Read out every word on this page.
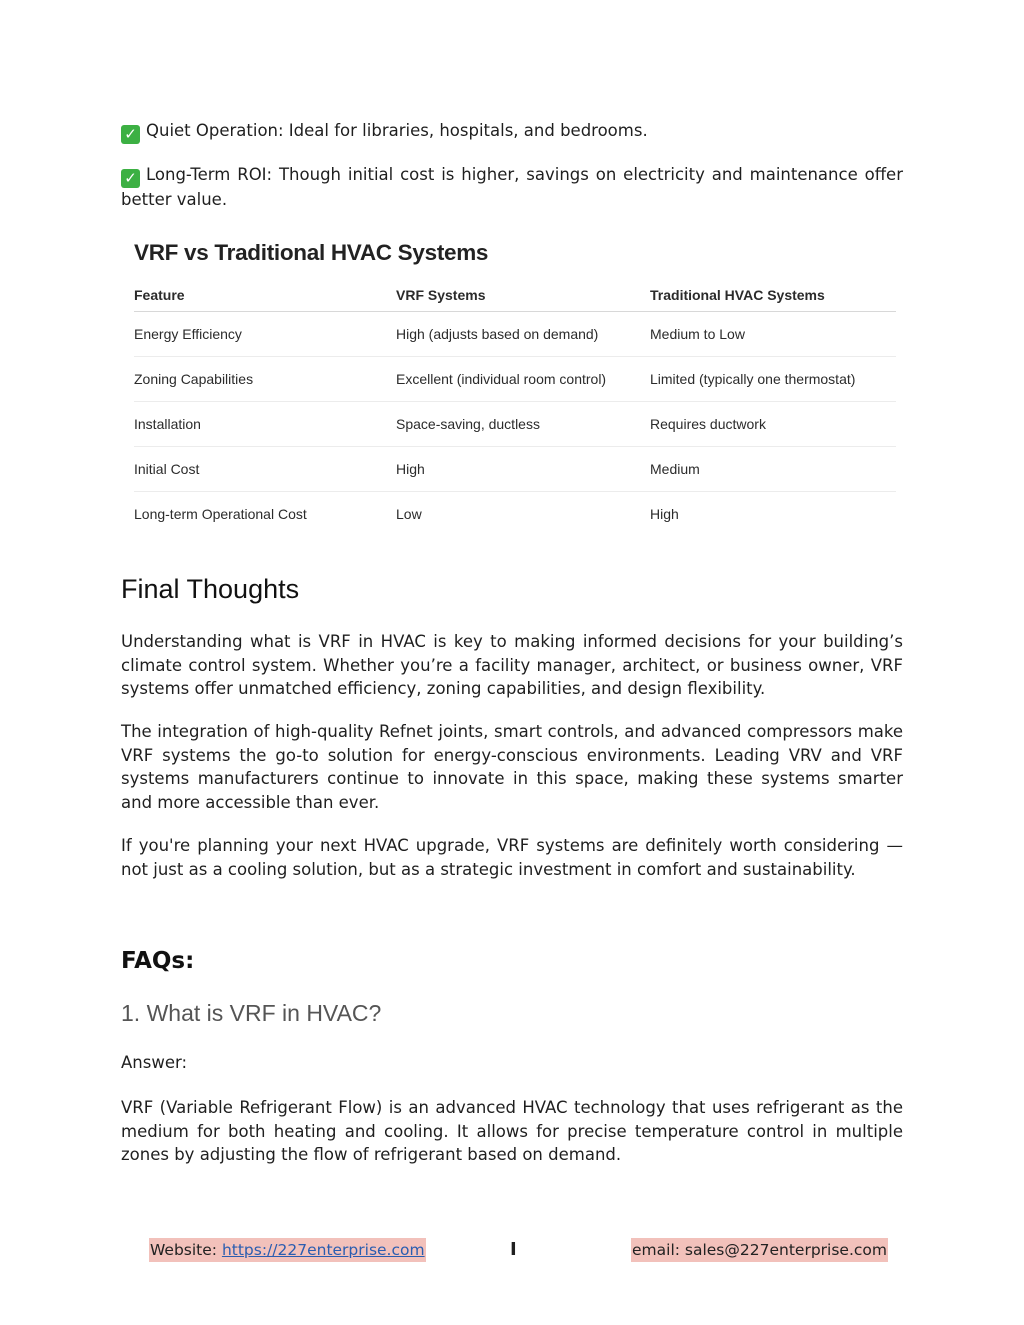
✓ Quiet Operation: Ideal for libraries, hospitals, and bedrooms.

✓ Long-Term ROI: Though initial cost is higher, savings on electricity and maintenance offer better value.

VRF vs Traditional HVAC Systems
Feature	VRF Systems	Traditional HVAC Systems
Energy Efficiency	High (adjusts based on demand)	Medium to Low
Zoning Capabilities	Excellent (individual room control)	Limited (typically one thermostat)
Installation	Space-saving, ductless	Requires ductwork
Initial Cost	High	Medium
Long-term Operational Cost	Low	High
Final Thoughts

Understanding what is VRF in HVAC is key to making informed decisions for your building’s climate control system. Whether you’re a facility manager, architect, or business owner, VRF systems offer unmatched efficiency, zoning capabilities, and design flexibility.

The integration of high-quality Refnet joints, smart controls, and advanced compressors make VRF systems the go-to solution for energy-conscious environments. Leading VRV and VRF systems manufacturers continue to innovate in this space, making these systems smarter and more accessible than ever.

If you're planning your next HVAC upgrade, VRF systems are definitely worth considering — not just as a cooling solution, but as a strategic investment in comfort and sustainability.

FAQs:
1. What is VRF in HVAC?

Answer:

VRF (Variable Refrigerant Flow) is an advanced HVAC technology that uses refrigerant as the medium for both heating and cooling. It allows for precise temperature control in multiple zones by adjusting the flow of refrigerant based on demand.

Website: https://227enterprise.com	I	email: sales@227enterprise.com
